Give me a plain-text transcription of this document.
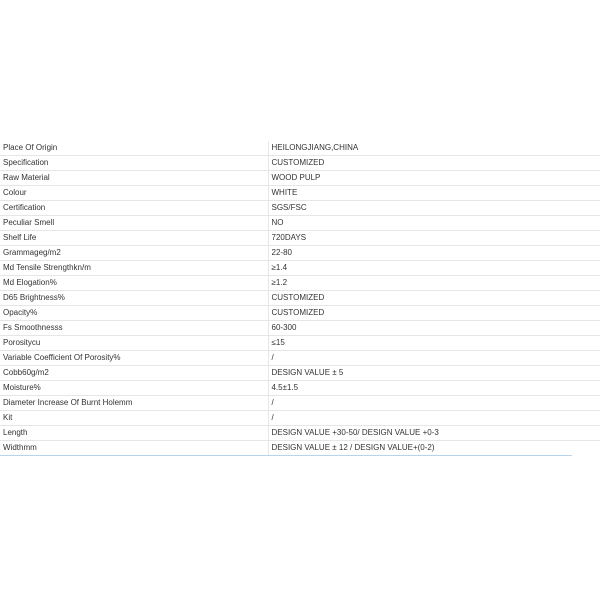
Place Of Origin	HEILONGJIANG,CHINA
Specification	CUSTOMIZED
Raw Material	WOOD PULP
Colour	WHITE
Certification	SGS/FSC
Peculiar Smell	NO
Shelf Life	720DAYS
Grammageg/m2	22-80
Md Tensile Strengthkn/m	≥1.4
Md Elogation%	≥1.2
D65 Brightness%	CUSTOMIZED
Opacity%	CUSTOMIZED
Fs Smoothnesss	60-300
Porositycu	≤15
Variable Coefficient Of Porosity%	/
Cobb60g/m2	DESIGN VALUE ± 5
Moisture%	4.5±1.5
Diameter Increase Of Burnt Holemm	/
Kit	/
Length	DESIGN VALUE +30-50/ DESIGN VALUE +0-3
Widthmm	DESIGN VALUE ± 12 / DESIGN VALUE+(0-2)
